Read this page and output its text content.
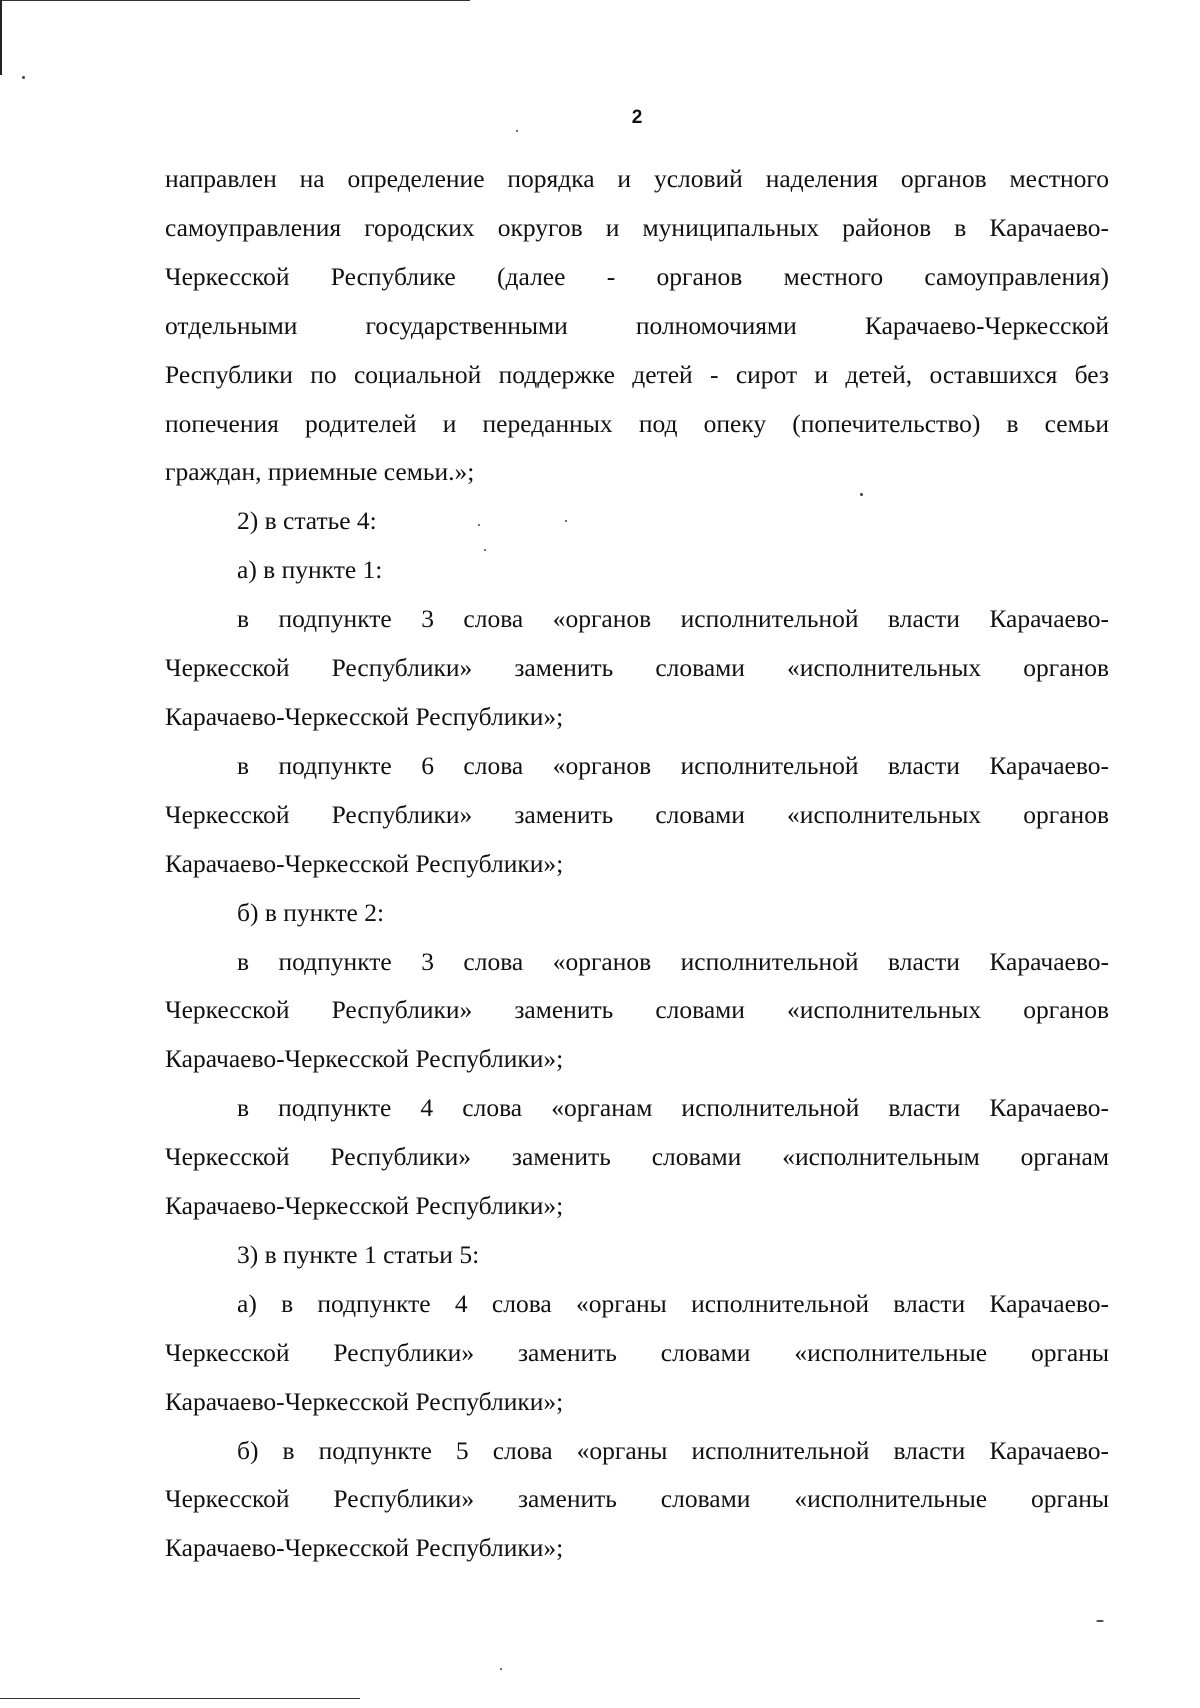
2

направлен на определение порядка и условий наделения органов местного

самоуправления городских округов и муниципальных районов в Карачаево-

Черкесской Республике (далее - органов местного самоуправления)

отдельными государственными полномочиями Карачаево-Черкесской

Республики по социальной поддержке детей - сирот и детей, оставшихся без

попечения родителей и переданных под опеку (попечительство) в семьи

граждан, приемные семьи.»;

2) в статье 4:

а) в пункте 1:

в подпункте 3 слова «органов исполнительной власти Карачаево-

Черкесской Республики» заменить словами «исполнительных органов

Карачаево-Черкесской Республики»;

в подпункте 6 слова «органов исполнительной власти Карачаево-

Черкесской Республики» заменить словами «исполнительных органов

Карачаево-Черкесской Республики»;

б) в пункте 2:

в подпункте 3 слова «органов исполнительной власти Карачаево-

Черкесской Республики» заменить словами «исполнительных органов

Карачаево-Черкесской Республики»;

в подпункте 4 слова «органам исполнительной власти Карачаево-

Черкесской Республики» заменить словами «исполнительным органам

Карачаево-Черкесской Республики»;

3) в пункте 1 статьи 5:

а) в подпункте 4 слова «органы исполнительной власти Карачаево-

Черкесской Республики» заменить словами «исполнительные органы

Карачаево-Черкесской Республики»;

б) в подпункте 5 слова «органы исполнительной власти Карачаево-

Черкесской Республики» заменить словами «исполнительные органы

Карачаево-Черкесской Республики»;
